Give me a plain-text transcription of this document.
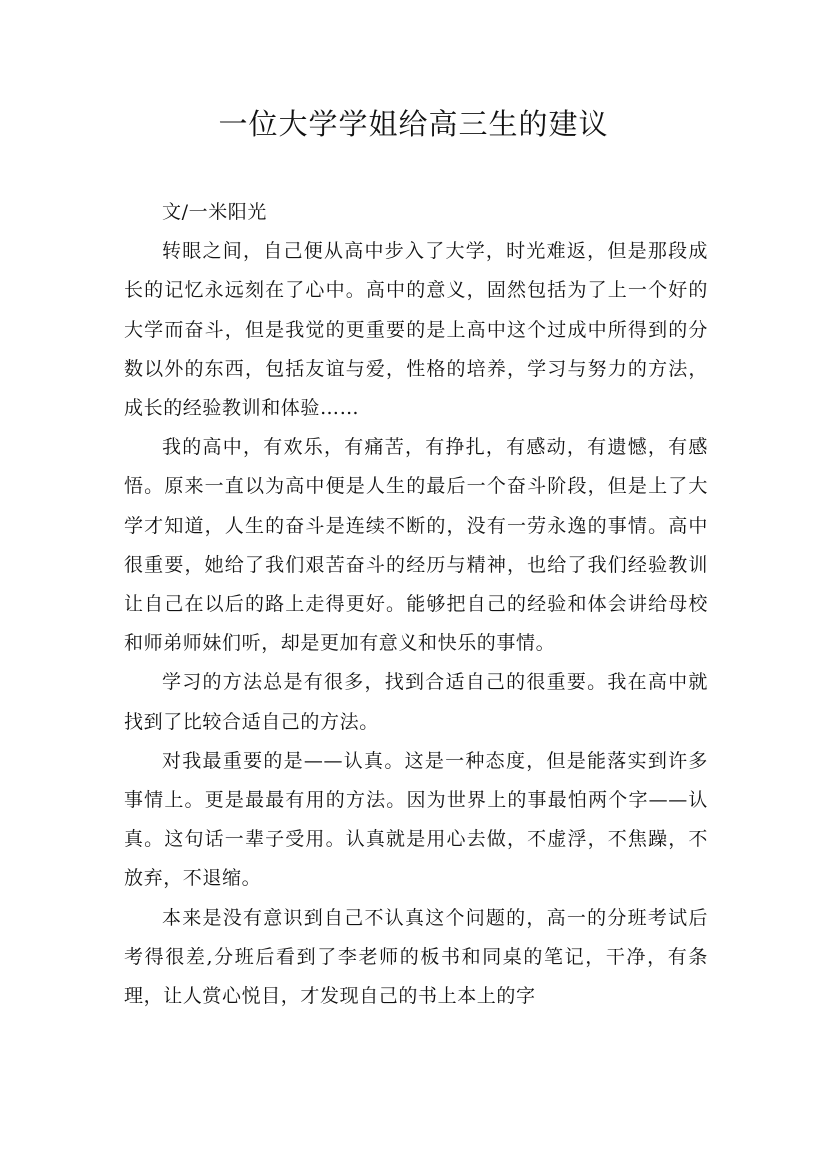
一位大学学姐给高三生的建议

文/一米阳光

转眼之间，自己便从高中步入了大学，时光难返，但是那段成长的记忆永远刻在了心中。高中的意义，固然包括为了上一个好的大学而奋斗，但是我觉的更重要的是上高中这个过成中所得到的分数以外的东西，包括友谊与爱，性格的培养，学习与努力的方法，成长的经验教训和体验……

我的高中，有欢乐，有痛苦，有挣扎，有感动，有遗憾，有感悟。原来一直以为高中便是人生的最后一个奋斗阶段，但是上了大学才知道，人生的奋斗是连续不断的，没有一劳永逸的事情。高中很重要，她给了我们艰苦奋斗的经历与精神，也给了我们经验教训让自己在以后的路上走得更好。能够把自己的经验和体会讲给母校和师弟师妹们听，却是更加有意义和快乐的事情。

学习的方法总是有很多，找到合适自己的很重要。我在高中就找到了比较合适自己的方法。

对我最重要的是——认真。这是一种态度，但是能落实到许多事情上。更是最最有用的方法。因为世界上的事最怕两个字——认真。这句话一辈子受用。认真就是用心去做，不虚浮，不焦躁，不放弃，不退缩。

本来是没有意识到自己不认真这个问题的，高一的分班考试后考得很差,分班后看到了李老师的板书和同桌的笔记，干净，有条理，让人赏心悦目，才发现自己的书上本上的字
